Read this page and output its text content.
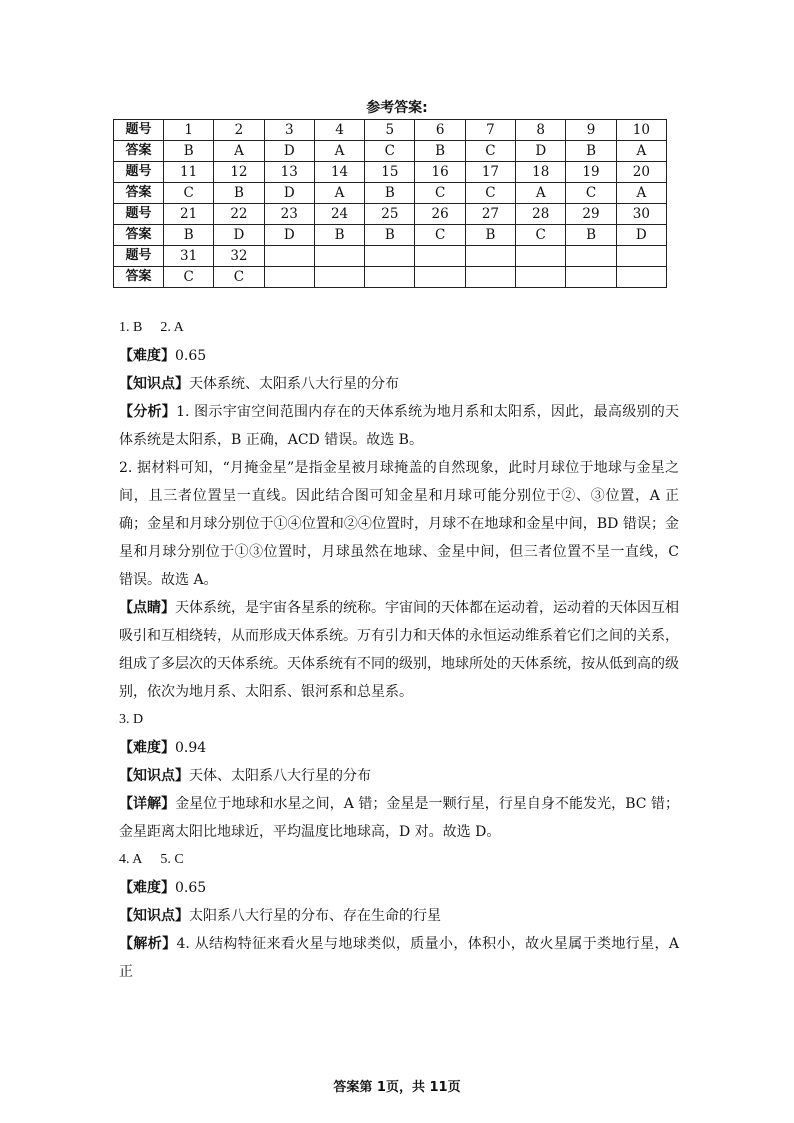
参考答案:
题号	1	2	3	4	5	6	7	8	9	10
答案	B	A	D	A	C	B	C	D	B	A
题号	11	12	13	14	15	16	17	18	19	20
答案	C	B	D	A	B	C	C	A	C	A
题号	21	22	23	24	25	26	27	28	29	30
答案	B	D	D	B	B	C	B	C	B	D
题号	31	32								
答案	C	C								

1. B 2. A

【难度】0.65

【知识点】天体系统、太阳系八大行星的分布

【分析】1. 图示宇宙空间范围内存在的天体系统为地月系和太阳系，因此，最高级别的天体系统是太阳系，B 正确，ACD 错误。故选 B。

2. 据材料可知，“月掩金星”是指金星被月球掩盖的自然现象，此时月球位于地球与金星之间，且三者位置呈一直线。因此结合图可知金星和月球可能分别位于②、③位置，A 正确；金星和月球分别位于①④位置和②④位置时，月球不在地球和金星中间，BD 错误；金星和月球分别位于①③位置时，月球虽然在地球、金星中间，但三者位置不呈一直线，C 错误。故选 A。

【点睛】天体系统，是宇宙各星系的统称。宇宙间的天体都在运动着，运动着的天体因互相吸引和互相绕转，从而形成天体系统。万有引力和天体的永恒运动维系着它们之间的关系，组成了多层次的天体系统。天体系统有不同的级别，地球所处的天体系统，按从低到高的级别，依次为地月系、太阳系、银河系和总星系。

3. D

【难度】0.94

【知识点】天体、太阳系八大行星的分布

【详解】金星位于地球和水星之间，A 错；金星是一颗行星，行星自身不能发光，BC 错；金星距离太阳比地球近，平均温度比地球高，D 对。故选 D。

4. A 5. C

【难度】0.65

【知识点】太阳系八大行星的分布、存在生命的行星

【解析】4. 从结构特征来看火星与地球类似，质量小，体积小，故火星属于类地行星，A 正

答案第 1页，共 11页
